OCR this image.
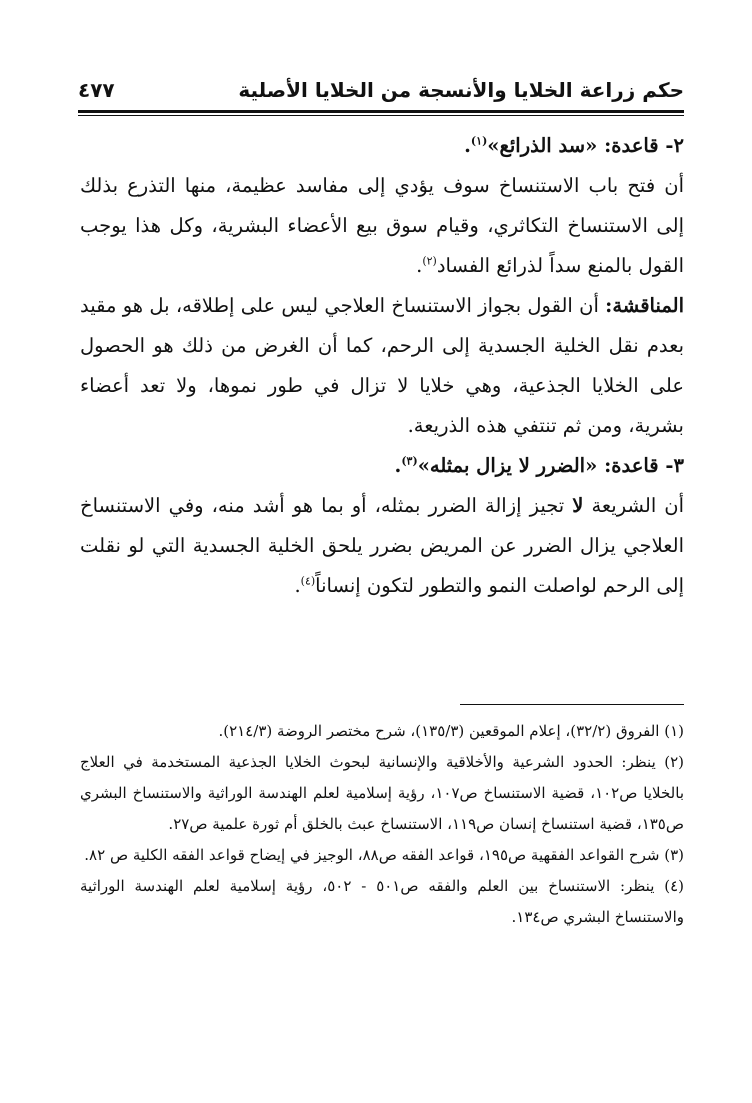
حكم زراعة الخلايا والأنسجة من الخلايا الأصلية
٤٧٧

٢- قاعدة: «سد الذرائع»$^{(١)}$.

أن فتح باب الاستنساخ سوف يؤدي إلى مفاسد عظيمة، منها التذرع بذلك إلى الاستنساخ التكاثري، وقيام سوق بيع الأعضاء البشرية، وكل هذا يوجب القول بالمنع سداً لذرائع الفساد$^{(٢)}$.

المناقشة: أن القول بجواز الاستنساخ العلاجي ليس على إطلاقه، بل هو مقيد بعدم نقل الخلية الجسدية إلى الرحم، كما أن الغرض من ذلك هو الحصول على الخلايا الجذعية، وهي خلايا لا تزال في طور نموها، ولا تعد أعضاء بشرية، ومن ثم تنتفي هذه الذريعة.

٣- قاعدة: «الضرر لا يزال بمثله»$^{(٣)}$.

أن الشريعة لا تجيز إزالة الضرر بمثله، أو بما هو أشد منه، وفي الاستنساخ العلاجي يزال الضرر عن المريض بضرر يلحق الخلية الجسدية التي لو نقلت إلى الرحم لواصلت النمو والتطور لتكون إنساناً$^{(٤)}$.

(١) الفروق (٣٢/٢)، إعلام الموقعين (١٣٥/٣)، شرح مختصر الروضة (٢١٤/٣).

(٢) ينظر: الحدود الشرعية والأخلاقية والإنسانية لبحوث الخلايا الجذعية المستخدمة في العلاج بالخلايا ص١٠٢، قضية الاستنساخ ص١٠٧، رؤية إسلامية لعلم الهندسة الوراثية والاستنساخ البشري ص١٣٥، قضية استنساخ إنسان ص١١٩، الاستنساخ عبث بالخلق أم ثورة علمية ص٢٧.

(٣) شرح القواعد الفقهية ص١٩٥، قواعد الفقه ص٨٨، الوجيز في إيضاح قواعد الفقه الكلية ص ٨٢.

(٤) ينظر: الاستنساخ بين العلم والفقه ص٥٠١ - ٥٠٢، رؤية إسلامية لعلم الهندسة الوراثية والاستنساخ البشري ص١٣٤.
